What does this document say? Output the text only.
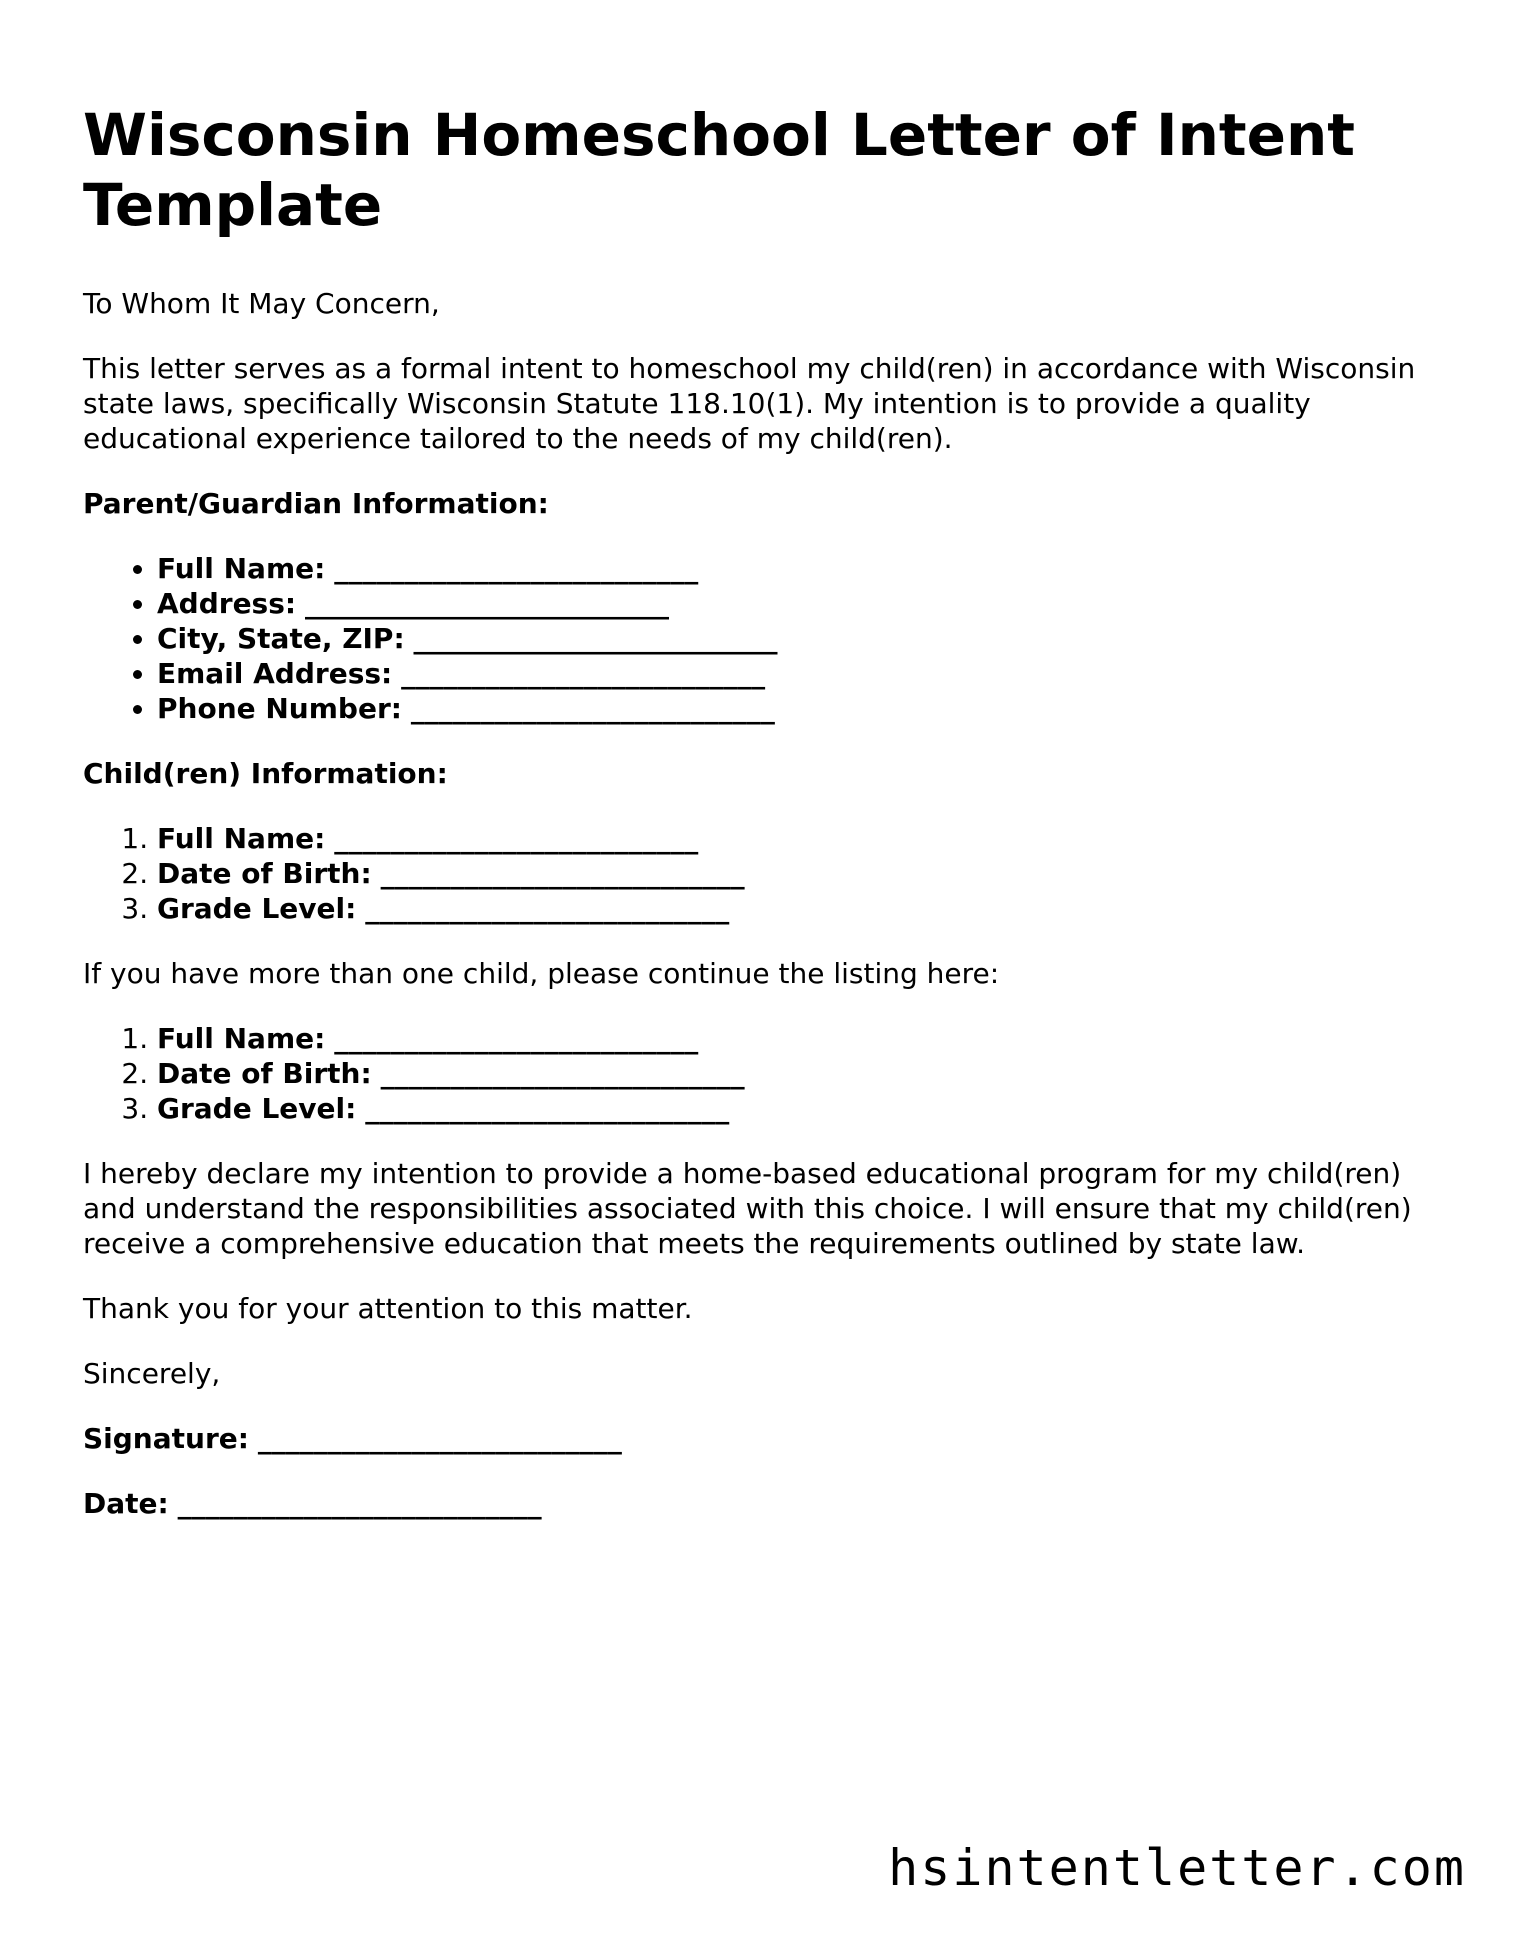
Wisconsin Homeschool Letter of Intent Template

To Whom It May Concern,

This letter serves as a formal intent to homeschool my child(ren) in accordance with Wisconsin state laws, specifically Wisconsin Statute 118.10(1). My intention is to provide a quality educational experience tailored to the needs of my child(ren).

Parent/Guardian Information:

• Full Name: __________________________
• Address: __________________________
• City, State, ZIP: __________________________
• Email Address: __________________________
• Phone Number: __________________________

Child(ren) Information:

1. Full Name: __________________________
2. Date of Birth: __________________________
3. Grade Level: __________________________

If you have more than one child, please continue the listing here:

1. Full Name: __________________________
2. Date of Birth: __________________________
3. Grade Level: __________________________

I hereby declare my intention to provide a home-based educational program for my child(ren) and understand the responsibilities associated with this choice. I will ensure that my child(ren) receive a comprehensive education that meets the requirements outlined by state law.

Thank you for your attention to this matter.

Sincerely,

Signature: __________________________

Date: __________________________

hsintentletter.com
